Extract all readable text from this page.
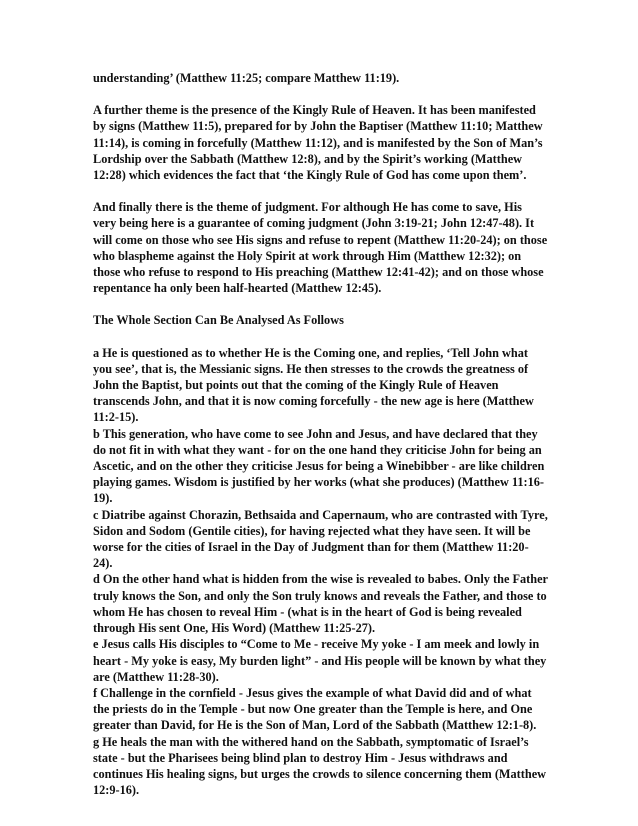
understanding’ (Matthew 11:25; compare Matthew 11:19).

A further theme is the presence of the Kingly Rule of Heaven. It has been manifested by signs (Matthew 11:5), prepared for by John the Baptiser (Matthew 11:10; Matthew 11:14), is coming in forcefully (Matthew 11:12), and is manifested by the Son of Man’s Lordship over the Sabbath (Matthew 12:8), and by the Spirit’s working (Matthew 12:28) which evidences the fact that ‘the Kingly Rule of God has come upon them’.

And finally there is the theme of judgment. For although He has come to save, His very being here is a guarantee of coming judgment (John 3:19-21; John 12:47-48). It will come on those who see His signs and refuse to repent (Matthew 11:20-24); on those who blaspheme against the Holy Spirit at work through Him (Matthew 12:32); on those who refuse to respond to His preaching (Matthew 12:41-42); and on those whose repentance ha only been half-hearted (Matthew 12:45).

The Whole Section Can Be Analysed As Follows

a He is questioned as to whether He is the Coming one, and replies, ‘Tell John what you see’, that is, the Messianic signs. He then stresses to the crowds the greatness of John the Baptist, but points out that the coming of the Kingly Rule of Heaven transcends John, and that it is now coming forcefully - the new age is here (Matthew 11:2-15).

b This generation, who have come to see John and Jesus, and have declared that they do not fit in with what they want - for on the one hand they criticise John for being an Ascetic, and on the other they criticise Jesus for being a Winebibber - are like children playing games. Wisdom is justified by her works (what she produces) (Matthew 11:16-19).

c Diatribe against Chorazin, Bethsaida and Capernaum, who are contrasted with Tyre, Sidon and Sodom (Gentile cities), for having rejected what they have seen. It will be worse for the cities of Israel in the Day of Judgment than for them (Matthew 11:20-24).

d On the other hand what is hidden from the wise is revealed to babes. Only the Father truly knows the Son, and only the Son truly knows and reveals the Father, and those to whom He has chosen to reveal Him - (what is in the heart of God is being revealed through His sent One, His Word) (Matthew 11:25-27).

e Jesus calls His disciples to “Come to Me - receive My yoke - I am meek and lowly in heart - My yoke is easy, My burden light” - and His people will be known by what they are (Matthew 11:28-30).

f Challenge in the cornfield - Jesus gives the example of what David did and of what the priests do in the Temple - but now One greater than the Temple is here, and One greater than David, for He is the Son of Man, Lord of the Sabbath (Matthew 12:1-8).

g He heals the man with the withered hand on the Sabbath, symptomatic of Israel’s state - but the Pharisees being blind plan to destroy Him - Jesus withdraws and continues His healing signs, but urges the crowds to silence concerning them (Matthew 12:9-16).
